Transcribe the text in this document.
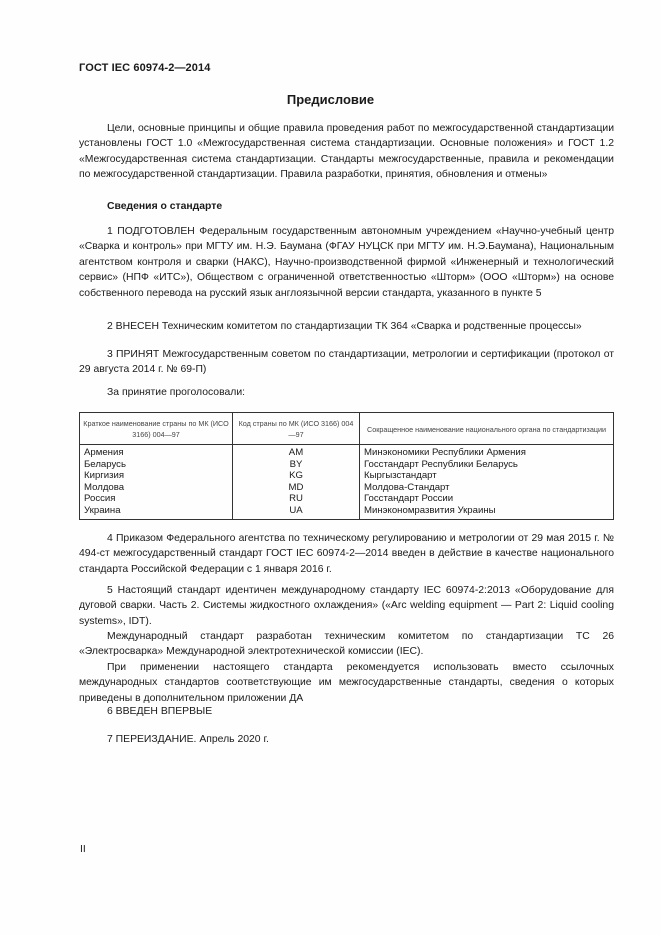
ГОСТ IEC 60974-2—2014
Предисловие

Цели, основные принципы и общие правила проведения работ по межгосударственной стандартизации установлены ГОСТ 1.0 «Межгосударственная система стандартизации. Основные положения» и ГОСТ 1.2 «Межгосударственная система стандартизации. Стандарты межгосударственные, правила и рекомендации по межгосударственной стандартизации. Правила разработки, принятия, обновления и отмены»

Сведения о стандарте

1 ПОДГОТОВЛЕН Федеральным государственным автономным учреждением «Научно-учебный центр «Сварка и контроль» при МГТУ им. Н.Э. Баумана (ФГАУ НУЦСК при МГТУ им. Н.Э.Баумана), Национальным агентством контроля и сварки (НАКС), Научно-производственной фирмой «Инженерный и технологический сервис» (НПФ «ИТС»), Обществом с ограниченной ответственностью «Шторм» (ООО «Шторм») на основе собственного перевода на русский язык англоязычной версии стандарта, указанного в пункте 5

2 ВНЕСЕН Техническим комитетом по стандартизации ТК 364 «Сварка и родственные процессы»

3 ПРИНЯТ Межгосударственным советом по стандартизации, метрологии и сертификации (протокол от 29 августа 2014 г. № 69-П)

За принятие проголосовали:

Краткое наименование страны по МК (ИСО 3166) 004—97	Код страны по МК (ИСО 3166) 004—97	Сокращенное наименование национального органа по стандартизации
Армения	AM	Минэкономики Республики Армения
Беларусь	BY	Госстандарт Республики Беларусь
Киргизия	KG	Кыргызстандарт
Молдова	MD	Молдова-Стандарт
Россия	RU	Госстандарт России
Украина	UA	Минэкономразвития Украины

4 Приказом Федерального агентства по техническому регулированию и метрологии от 29 мая 2015 г. № 494-ст межгосударственный стандарт ГОСТ IEC 60974-2—2014 введен в действие в качестве национального стандарта Российской Федерации с 1 января 2016 г.

5 Настоящий стандарт идентичен международному стандарту IEC 60974-2:2013 «Оборудование для дуговой сварки. Часть 2. Системы жидкостного охлаждения» («Arc welding equipment — Part 2: Liquid cooling systems», IDT).

Международный стандарт разработан техническим комитетом по стандартизации ТС 26 «Электросварка» Международной электротехнической комиссии (IEC).

При применении настоящего стандарта рекомендуется использовать вместо ссылочных международных стандартов соответствующие им межгосударственные стандарты, сведения о которых приведены в дополнительном приложении ДА

6 ВВЕДЕН ВПЕРВЫЕ

7 ПЕРЕИЗДАНИЕ. Апрель 2020 г.

II
